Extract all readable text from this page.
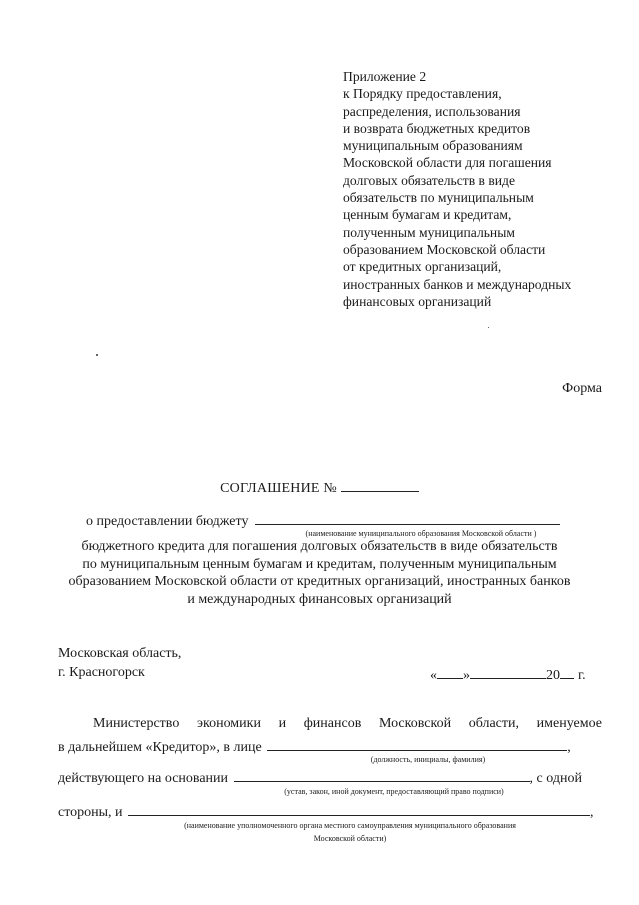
Приложение 2
к Порядку предоставления,
распределения, использования
и возврата бюджетных кредитов
муниципальным образованиям
Московской области для погашения
долговых обязательств в виде
обязательств по муниципальным
ценным бумагам и кредитам,
полученным муниципальным
образованием Московской области
от кредитных организаций,
иностранных банков и международных
финансовых организаций
Форма
СОГЛАШЕНИЕ №
о предоставлении бюджету
(наименование муниципального образования Московской области )
бюджетного кредита для погашения долговых обязательств в виде обязательств
по муниципальным ценным бумагам и кредитам, полученным муниципальным
образованием Московской области от кредитных организаций, иностранных банков
и международных финансовых организаций
Московская область,
г. Красногорск	« »	20 г.
Министерство экономики и финансов Московской области, именуемое
в дальнейшем «Кредитор», в лице	,
(должность, инициалы, фамилия)
действующего на основании	, с одной
(устав, закон, иной документ, предоставляющий право подписи)
стороны, и	,
(наименование уполномоченного органа местного самоуправления муниципального образования
Московской области)
